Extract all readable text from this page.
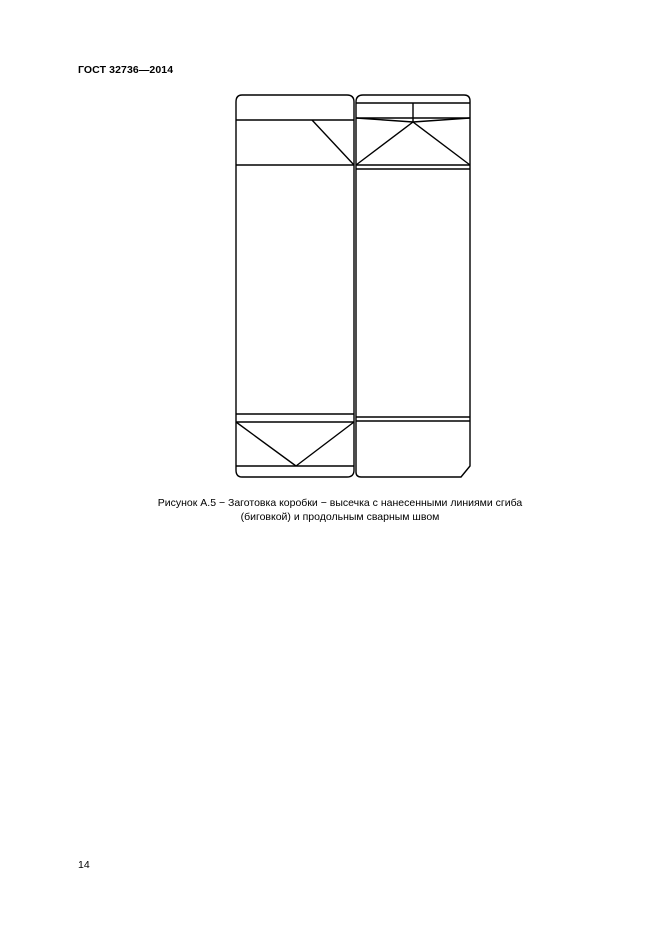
ГОСТ 32736—2014
Рисунок А.5 − Заготовка коробки − высечка с нанесенными линиями сгиба
(биговкой) и продольным сварным швом
14
